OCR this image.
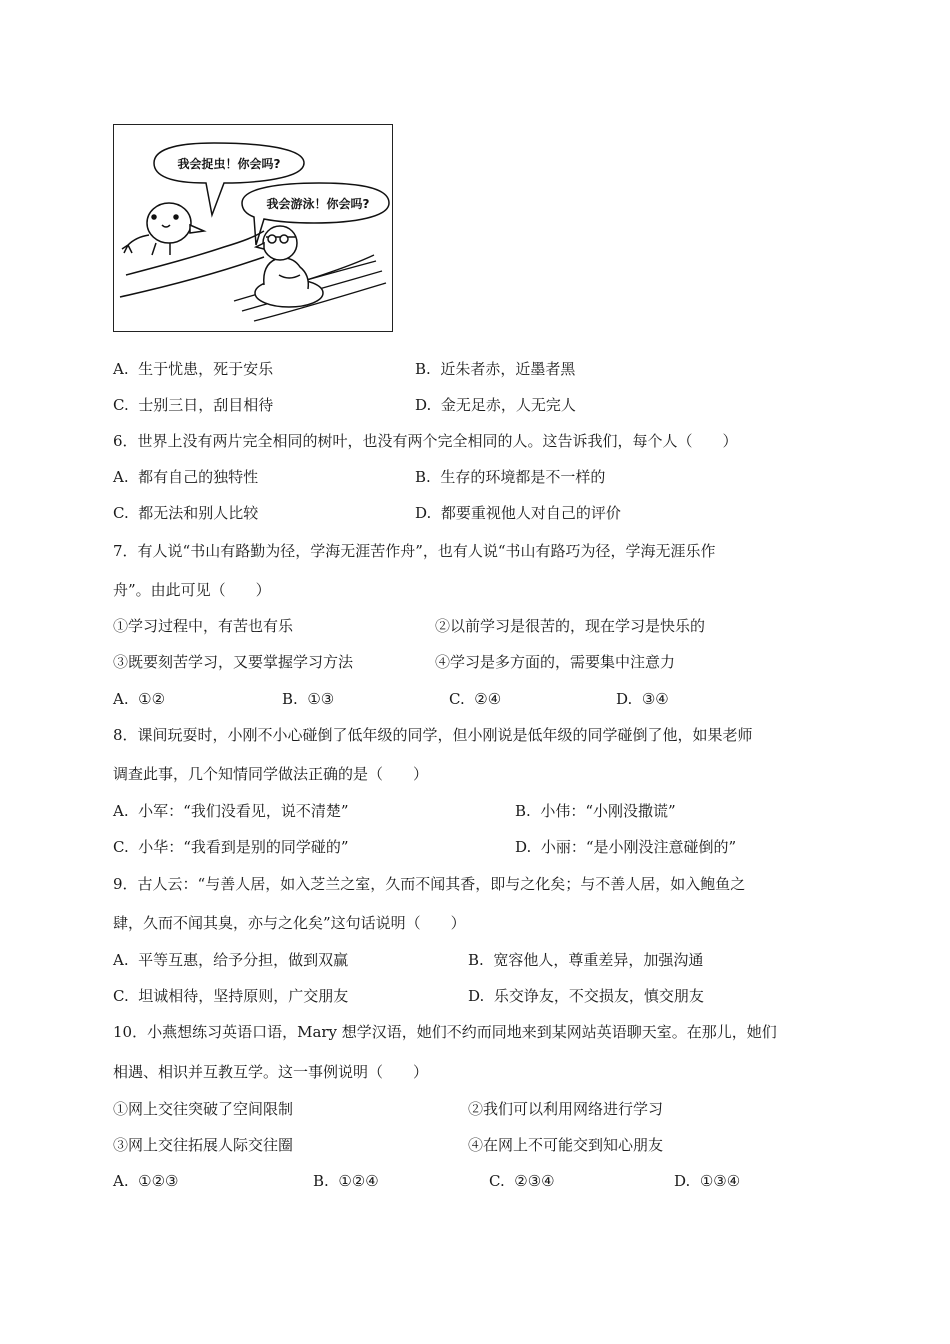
我会捉虫！你会吗?
我会游泳！你会吗?
A. 生于忧患，死于安乐	B. 近朱者赤，近墨者黑
C. 士别三日，刮目相待	D. 金无足赤，人无完人
6．世界上没有两片完全相同的树叶，也没有两个完全相同的人。这告诉我们，每个人（　　）
A. 都有自己的独特性	B. 生存的环境都是不一样的
C. 都无法和别人比较	D. 都要重视他人对自己的评价
7．有人说“书山有路勤为径，学海无涯苦作舟”，也有人说“书山有路巧为径，学海无涯乐作
舟”。由此可见（　　）
①学习过程中，有苦也有乐	②以前学习是很苦的，现在学习是快乐的
③既要刻苦学习，又要掌握学习方法	④学习是多方面的，需要集中注意力
A. ①②	B. ①③	C. ②④	D. ③④
8．课间玩耍时，小刚不小心碰倒了低年级的同学，但小刚说是低年级的同学碰倒了他，如果老师
调查此事，几个知情同学做法正确的是（　　）
A. 小军：“我们没看见，说不清楚”	B. 小伟：“小刚没撒谎”
C. 小华：“我看到是别的同学碰的”	D. 小丽：“是小刚没注意碰倒的”
9．古人云：“与善人居，如入芝兰之室，久而不闻其香，即与之化矣；与不善人居，如入鲍鱼之
肆，久而不闻其臭，亦与之化矣”这句话说明（　　）
A. 平等互惠，给予分担，做到双赢	B. 宽容他人，尊重差异，加强沟通
C. 坦诚相待，坚持原则，广交朋友	D. 乐交诤友，不交损友，慎交朋友
10．小燕想练习英语口语，Mary 想学汉语，她们不约而同地来到某网站英语聊天室。在那儿，她们
相遇、相识并互教互学。这一事例说明（　　）
①网上交往突破了空间限制	②我们可以利用网络进行学习
③网上交往拓展人际交往圈	④在网上不可能交到知心朋友
A. ①②③	B. ①②④	C. ②③④	D. ①③④
